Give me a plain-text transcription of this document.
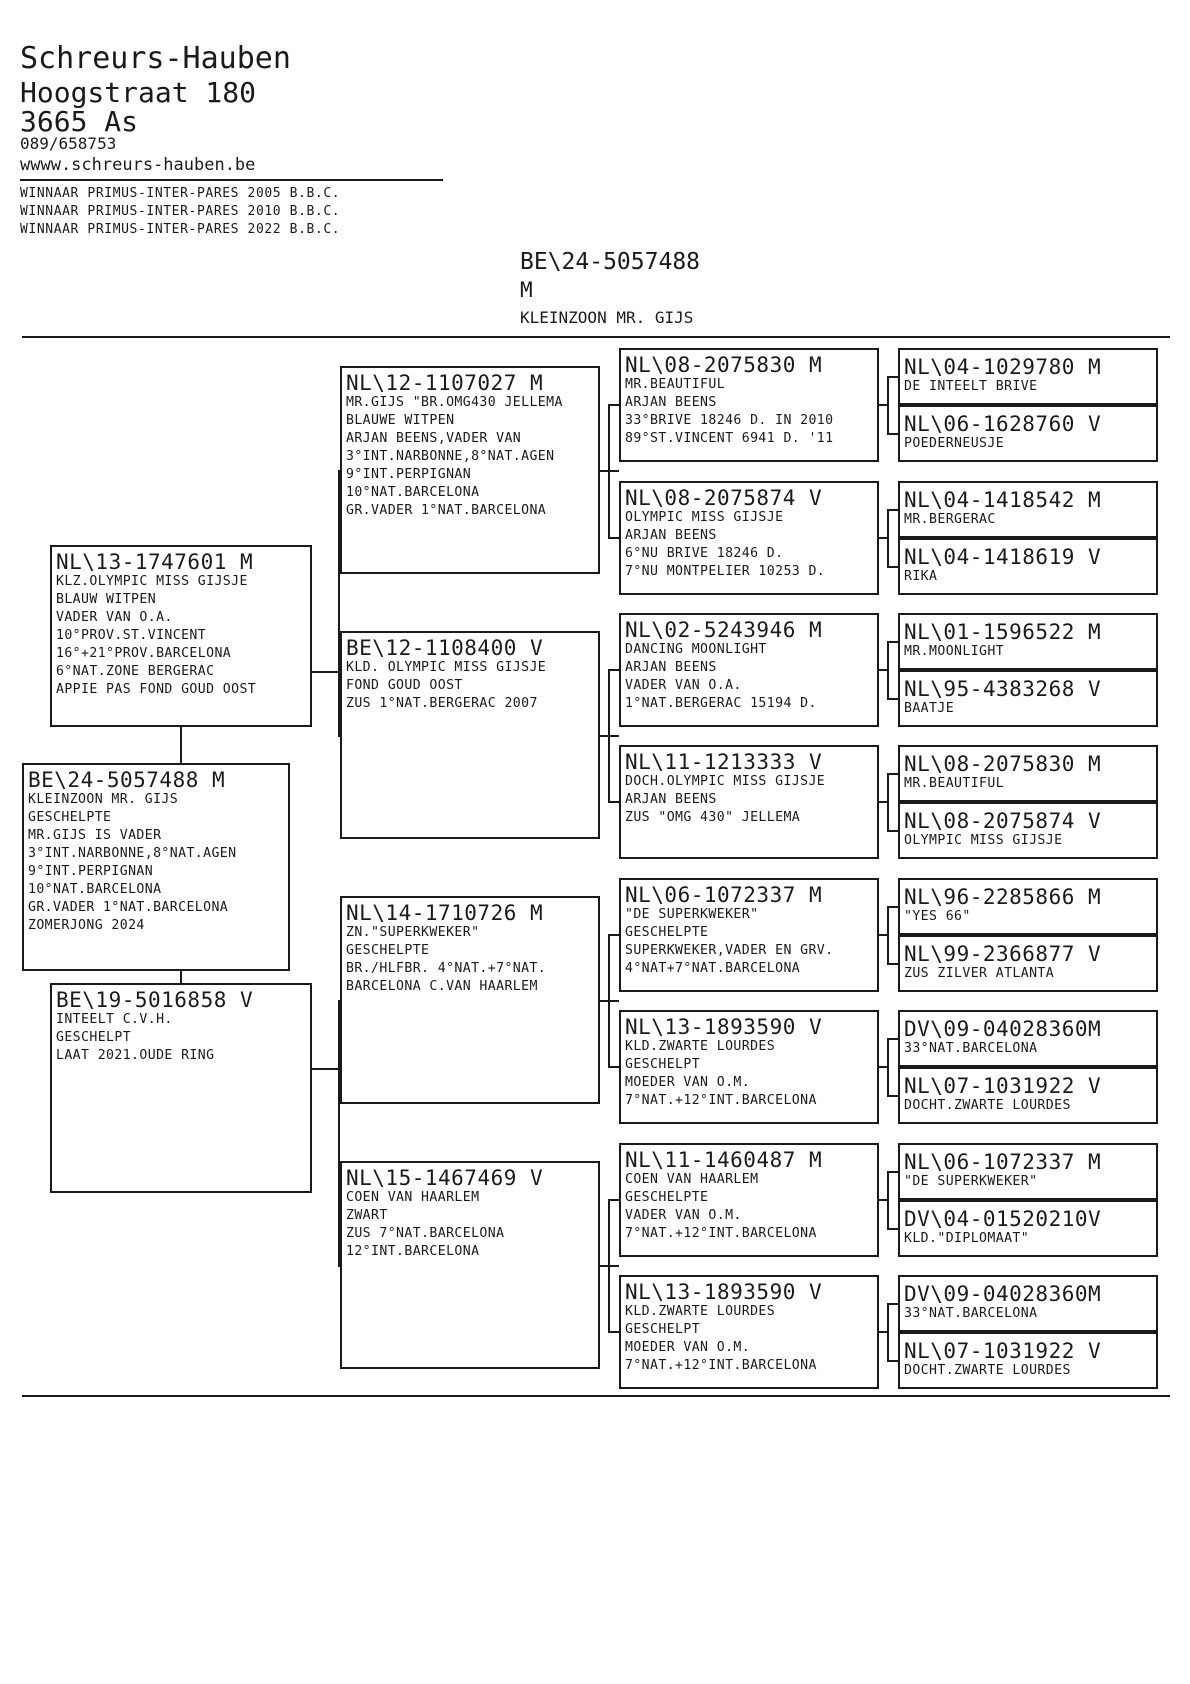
Schreurs-Hauben
Hoogstraat 180
3665 As
089/658753
wwww.schreurs-hauben.be
WINNAAR PRIMUS-INTER-PARES 2005 B.B.C.
WINNAAR PRIMUS-INTER-PARES 2010 B.B.C.
WINNAAR PRIMUS-INTER-PARES 2022 B.B.C.
BE\24-5057488
M
KLEINZOON MR. GIJS
NL\13-1747601 M
KLZ.OLYMPIC MISS GIJSJE
BLAUW WITPEN
VADER VAN O.A.
10°PROV.ST.VINCENT
16°+21°PROV.BARCELONA
6°NAT.ZONE BERGERAC
APPIE PAS FOND GOUD OOST
BE\24-5057488 M
KLEINZOON MR. GIJS
GESCHELPTE
MR.GIJS IS VADER
3°INT.NARBONNE,8°NAT.AGEN
9°INT.PERPIGNAN
10°NAT.BARCELONA
GR.VADER 1°NAT.BARCELONA
ZOMERJONG 2024
BE\19-5016858 V
INTEELT C.V.H.
GESCHELPT
LAAT 2021.OUDE RING
NL\12-1107027 M
MR.GIJS "BR.OMG430 JELLEMA
BLAUWE WITPEN
ARJAN BEENS,VADER VAN
3°INT.NARBONNE,8°NAT.AGEN
9°INT.PERPIGNAN
10°NAT.BARCELONA
GR.VADER 1°NAT.BARCELONA
BE\12-1108400 V
KLD. OLYMPIC MISS GIJSJE
FOND GOUD OOST
ZUS 1°NAT.BERGERAC 2007
NL\14-1710726 M
ZN."SUPERKWEKER"
GESCHELPTE
BR./HLFBR. 4°NAT.+7°NAT.
BARCELONA C.VAN HAARLEM
NL\15-1467469 V
COEN VAN HAARLEM
ZWART
ZUS 7°NAT.BARCELONA
12°INT.BARCELONA
NL\08-2075830 M
MR.BEAUTIFUL
ARJAN BEENS
33°BRIVE 18246 D. IN 2010
89°ST.VINCENT 6941 D. '11
NL\08-2075874 V
OLYMPIC MISS GIJSJE
ARJAN BEENS
6°NU BRIVE 18246 D.
7°NU MONTPELIER 10253 D.
NL\02-5243946 M
DANCING MOONLIGHT
ARJAN BEENS
VADER VAN O.A.
1°NAT.BERGERAC 15194 D.
NL\11-1213333 V
DOCH.OLYMPIC MISS GIJSJE
ARJAN BEENS
ZUS "OMG 430" JELLEMA
NL\06-1072337 M
"DE SUPERKWEKER"
GESCHELPTE
SUPERKWEKER,VADER EN GRV.
4°NAT+7°NAT.BARCELONA
NL\13-1893590 V
KLD.ZWARTE LOURDES
GESCHELPT
MOEDER VAN O.M.
7°NAT.+12°INT.BARCELONA
NL\11-1460487 M
COEN VAN HAARLEM
GESCHELPTE
VADER VAN O.M.
7°NAT.+12°INT.BARCELONA
NL\13-1893590 V
KLD.ZWARTE LOURDES
GESCHELPT
MOEDER VAN O.M.
7°NAT.+12°INT.BARCELONA
NL\04-1029780 M
DE INTEELT BRIVE
NL\06-1628760 V
POEDERNEUSJE
NL\04-1418542 M
MR.BERGERAC
NL\04-1418619 V
RIKA
NL\01-1596522 M
MR.MOONLIGHT
NL\95-4383268 V
BAATJE
NL\08-2075830 M
MR.BEAUTIFUL
NL\08-2075874 V
OLYMPIC MISS GIJSJE
NL\96-2285866 M
"YES 66"
NL\99-2366877 V
ZUS ZILVER ATLANTA
DV\09-04028360M
33°NAT.BARCELONA
NL\07-1031922 V
DOCHT.ZWARTE LOURDES
NL\06-1072337 M
"DE SUPERKWEKER"
DV\04-01520210V
KLD."DIPLOMAAT"
DV\09-04028360M
33°NAT.BARCELONA
NL\07-1031922 V
DOCHT.ZWARTE LOURDES
